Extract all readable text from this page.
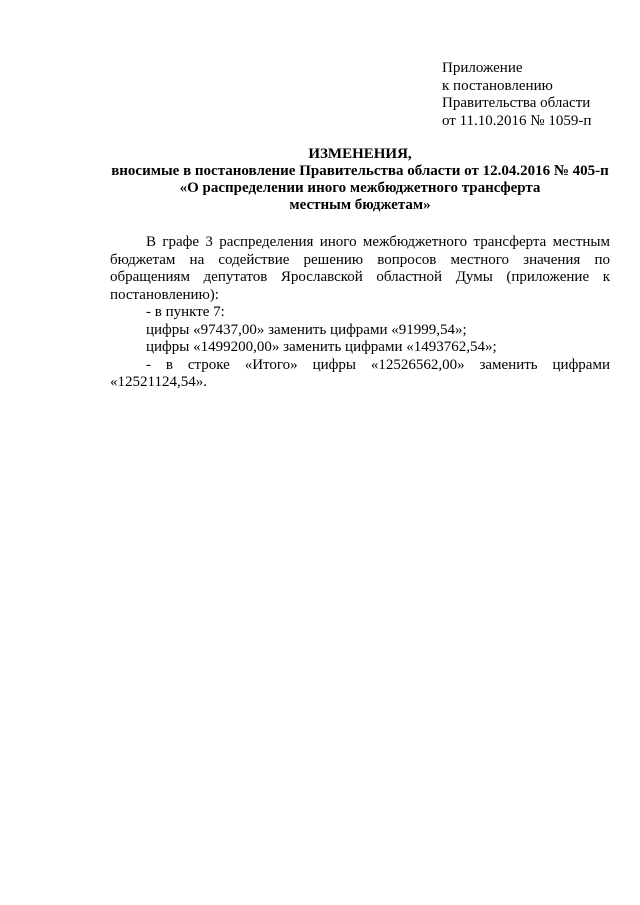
Приложение
к постановлению
Правительства области
от 11.10.2016 № 1059-п
ИЗМЕНЕНИЯ,
вносимые в постановление Правительства области от 12.04.2016 № 405-п
«О распределении иного межбюджетного трансферта
местным бюджетам»

В графе 3 распределения иного межбюджетного трансферта местным бюджетам на содействие решению вопросов местного значения по обращениям депутатов Ярославской областной Думы (приложение к постановлению):

- в пункте 7:

цифры «97437,00» заменить цифрами «91999,54»;

цифры «1499200,00» заменить цифрами «1493762,54»;

- в строке «Итого» цифры «12526562,00» заменить цифрами «12521124,54».
